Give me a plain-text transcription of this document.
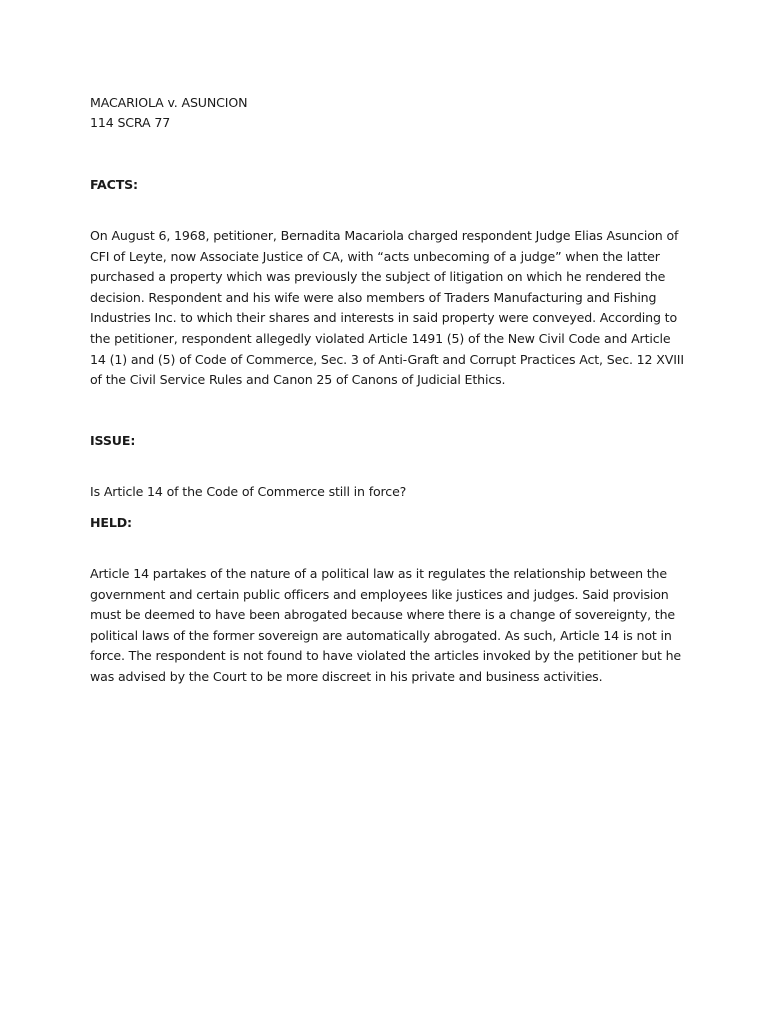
MACARIOLA v. ASUNCION
114 SCRA 77

FACTS:

On August 6, 1968, petitioner, Bernadita Macariola charged respondent Judge Elias Asuncion of CFI of Leyte, now Associate Justice of CA, with “acts unbecoming of a judge” when the latter purchased a property which was previously the subject of litigation on which he rendered the decision. Respondent and his wife were also members of Traders Manufacturing and Fishing Industries Inc. to which their shares and interests in said property were conveyed. According to the petitioner, respondent allegedly violated Article 1491 (5) of the New Civil Code and Article 14 (1) and (5) of Code of Commerce, Sec. 3 of Anti-Graft and Corrupt Practices Act, Sec. 12 XVIII of the Civil Service Rules and Canon 25 of Canons of Judicial Ethics.

ISSUE:

Is Article 14 of the Code of Commerce still in force?

HELD:

Article 14 partakes of the nature of a political law as it regulates the relationship between the government and certain public officers and employees like justices and judges. Said provision must be deemed to have been abrogated because where there is a change of sovereignty, the political laws of the former sovereign are automatically abrogated. As such, Article 14 is not in force. The respondent is not found to have violated the articles invoked by the petitioner but he was advised by the Court to be more discreet in his private and business activities.
